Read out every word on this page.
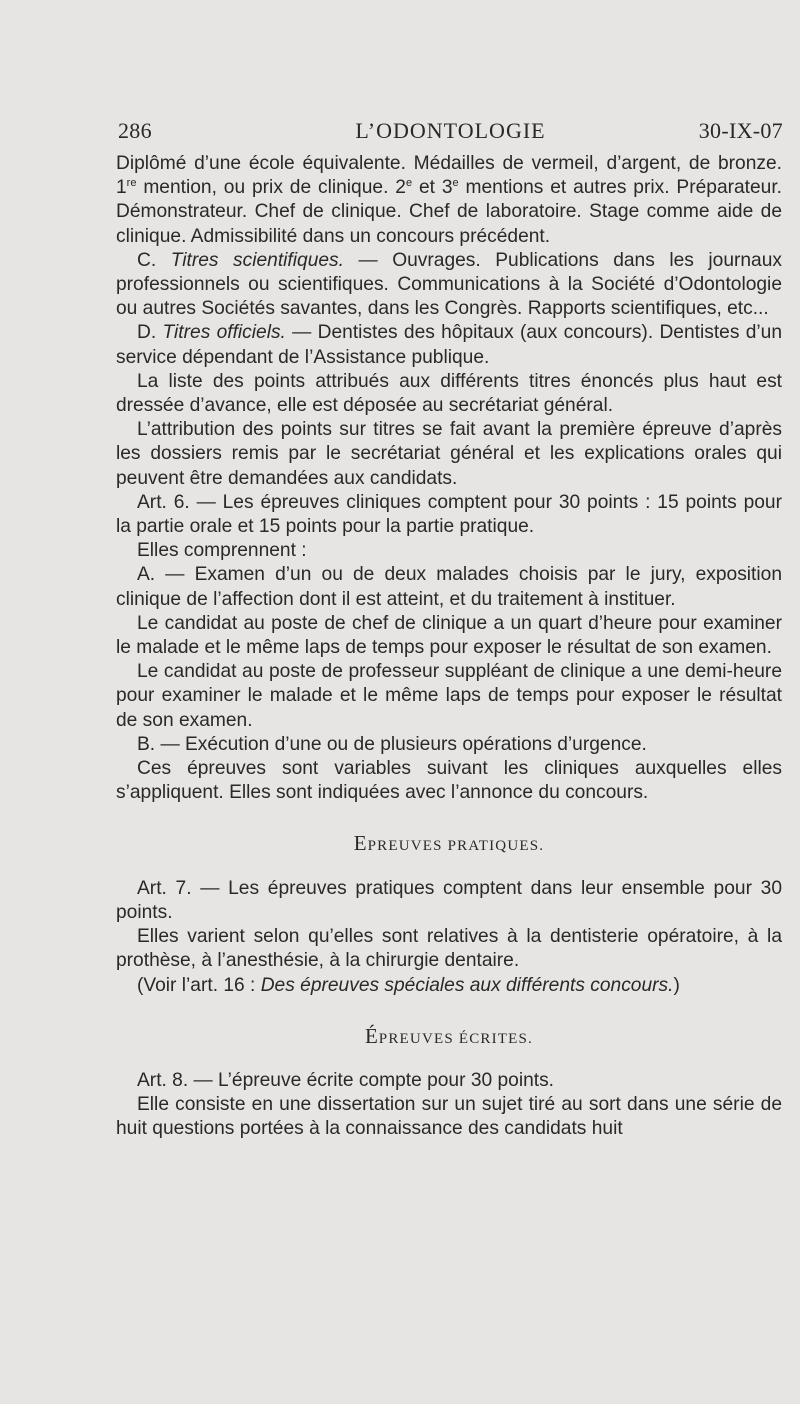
286	L’ODONTOLOGIE	30-IX-07

Diplômé d’une école équivalente. Médailles de vermeil, d’argent, de bronze. 1re mention, ou prix de clinique. 2e et 3e mentions et autres prix. Préparateur. Démonstrateur. Chef de clinique. Chef de laboratoire. Stage comme aide de clinique. Admissibilité dans un concours précédent.

C. Titres scientifiques. — Ouvrages. Publications dans les journaux professionnels ou scientifiques. Communications à la Société d’Odontologie ou autres Sociétés savantes, dans les Congrès. Rapports scientifiques, etc...

D. Titres officiels. — Dentistes des hôpitaux (aux concours). Dentistes d’un service dépendant de l’Assistance publique.

La liste des points attribués aux différents titres énoncés plus haut est dressée d’avance, elle est déposée au secrétariat général.

L’attribution des points sur titres se fait avant la première épreuve d’après les dossiers remis par le secrétariat général et les explications orales qui peuvent être demandées aux candidats.

Art. 6. — Les épreuves cliniques comptent pour 30 points : 15 points pour la partie orale et 15 points pour la partie pratique.

Elles comprennent :

A. — Examen d’un ou de deux malades choisis par le jury, exposition clinique de l’affection dont il est atteint, et du traitement à instituer.

Le candidat au poste de chef de clinique a un quart d’heure pour examiner le malade et le même laps de temps pour exposer le résultat de son examen.

Le candidat au poste de professeur suppléant de clinique a une demi-heure pour examiner le malade et le même laps de temps pour exposer le résultat de son examen.

B. — Exécution d’une ou de plusieurs opérations d’urgence.

Ces épreuves sont variables suivant les cliniques auxquelles elles s’appliquent. Elles sont indiquées avec l’annonce du concours.

EPREUVES PRATIQUES.

Art. 7. — Les épreuves pratiques comptent dans leur ensemble pour 30 points.

Elles varient selon qu’elles sont relatives à la dentisterie opératoire, à la prothèse, à l’anesthésie, à la chirurgie dentaire.

(Voir l’art. 16 : Des épreuves spéciales aux différents concours.)

ÉPREUVES ÉCRITES.

Art. 8. — L’épreuve écrite compte pour 30 points.

Elle consiste en une dissertation sur un sujet tiré au sort dans une série de huit questions portées à la connaissance des candidats huit
